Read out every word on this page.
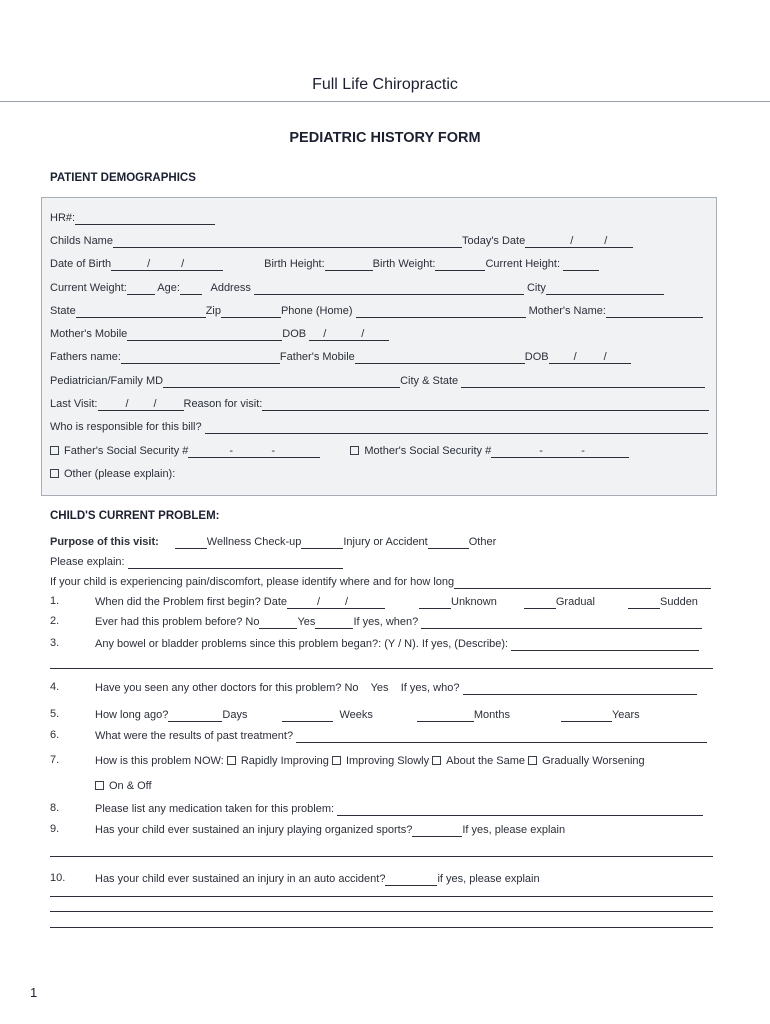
Full Life Chiropractic
PEDIATRIC HISTORY FORM
PATIENT DEMOGRAPHICS
HR#:
Childs Name	Today's Date	/	/
Date of Birth	/	/	Birth Height:	Birth Weight:	Current Height:
Current Weight:	Age:	Address	City
State	Zip	Phone (Home)	Mother's Name:
Mother's Mobile	DOB /	/
Fathers name:	Father's Mobile	DOB / /
Pediatrician/Family MD	City & State
Last Visit:	/ / Reason for visit:
Who is responsible for this bill?
Father's Social Security #	-	-	Mother's Social Security #	-	-
Other (please explain):
CHILD'S CURRENT PROBLEM:
Purpose of this visit:	Wellness Check-up	Injury or Accident	Other
Please explain:
If your child is experiencing pain/discomfort, please identify where and for how long
1.	When did the Problem first begin? Date	/ /	Unknown	Gradual	Sudden
2.	Ever had this problem before? No	Yes	If yes, when?
3.	Any bowel or bladder problems since this problem began?: (Y / N). If yes, (Describe):
4.	Have you seen any other doctors for this problem? No Yes If yes, who?
5.	How long ago?	Days	Weeks	Months	Years
6.	What were the results of past treatment?
7.	How is this problem NOW: Rapidly Improving Improving Slowly About the Same Gradually Worsening
On & Off
8.	Please list any medication taken for this problem:
9.	Has your child ever sustained an injury playing organized sports?	If yes, please explain
10.	Has your child ever sustained an injury in an auto accident?	if yes, please explain
1
